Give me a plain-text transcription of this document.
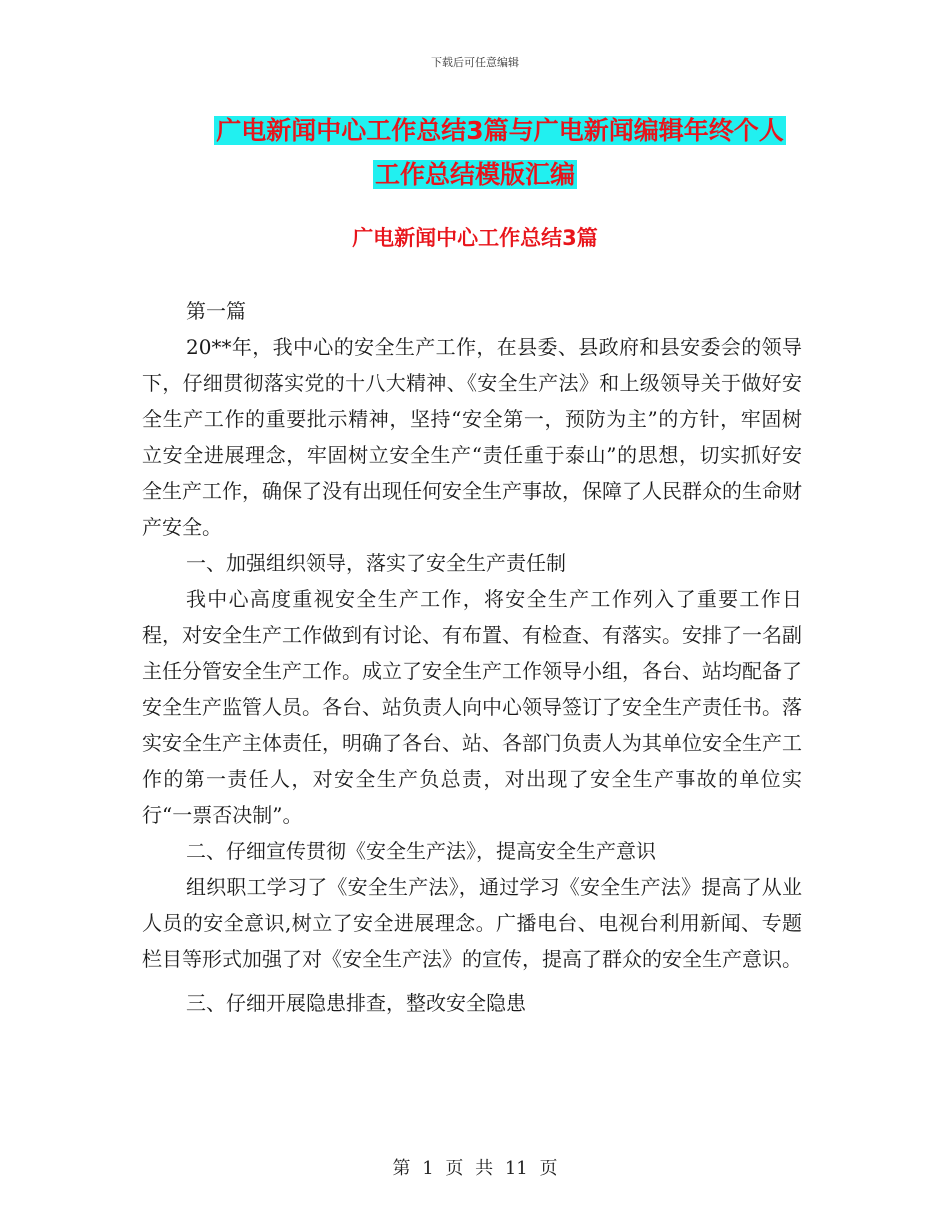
下载后可任意编辑
广电新闻中心工作总结3篇与广电新闻编辑年终个人
工作总结模版汇编
广电新闻中心工作总结3篇

第一篇

20**年，我中心的安全生产工作，在县委、县政府和县安委会的领导下，仔细贯彻落实党的十八大精神、《安全生产法》和上级领导关于做好安全生产工作的重要批示精神，坚持“安全第一，预防为主”的方针，牢固树立安全进展理念，牢固树立安全生产“责任重于泰山”的思想，切实抓好安全生产工作，确保了没有出现任何安全生产事故，保障了人民群众的生命财产安全。

一、加强组织领导，落实了安全生产责任制

我中心高度重视安全生产工作，将安全生产工作列入了重要工作日程，对安全生产工作做到有讨论、有布置、有检查、有落实。安排了一名副主任分管安全生产工作。成立了安全生产工作领导小组，各台、站均配备了安全生产监管人员。各台、站负责人向中心领导签订了安全生产责任书。落实安全生产主体责任，明确了各台、站、各部门负责人为其单位安全生产工作的第一责任人，对安全生产负总责，对出现了安全生产事故的单位实行“一票否决制”。

二、仔细宣传贯彻《安全生产法》，提高安全生产意识

组织职工学习了《安全生产法》，通过学习《安全生产法》提高了从业人员的安全意识,树立了安全进展理念。广播电台、电视台利用新闻、专题栏目等形式加强了对《安全生产法》的宣传，提高了群众的安全生产意识。

三、仔细开展隐患排查，整改安全隐患

第 1 页 共 11 页
